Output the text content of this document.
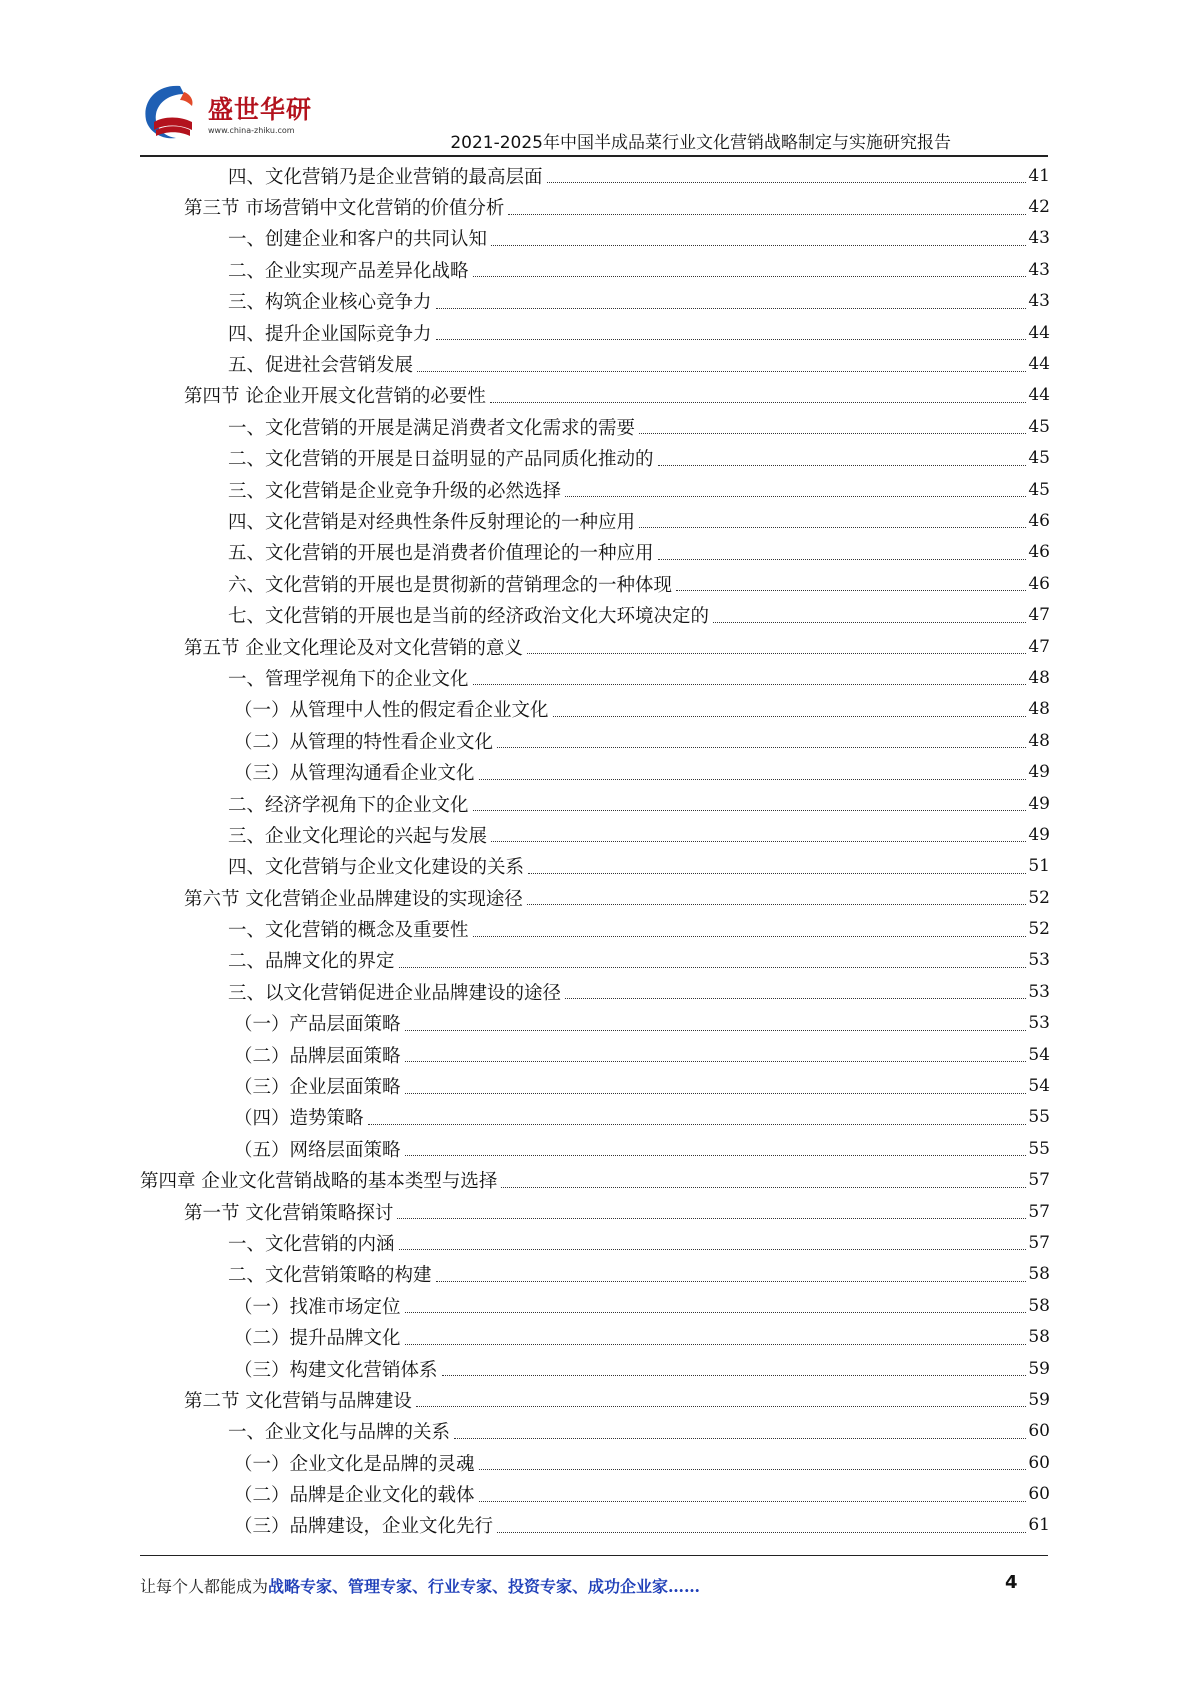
盛世华研
www.china-zhiku.com
2021-2025年中国半成品菜行业文化营销战略制定与实施研究报告
四、文化营销乃是企业营销的最高层面	41
第三节 市场营销中文化营销的价值分析	42
一、创建企业和客户的共同认知	43
二、企业实现产品差异化战略	43
三、构筑企业核心竞争力	43
四、提升企业国际竞争力	44
五、促进社会营销发展	44
第四节 论企业开展文化营销的必要性	44
一、文化营销的开展是满足消费者文化需求的需要	45
二、文化营销的开展是日益明显的产品同质化推动的	45
三、文化营销是企业竞争升级的必然选择	45
四、文化营销是对经典性条件反射理论的一种应用	46
五、文化营销的开展也是消费者价值理论的一种应用	46
六、文化营销的开展也是贯彻新的营销理念的一种体现	46
七、文化营销的开展也是当前的经济政治文化大环境决定的	47
第五节 企业文化理论及对文化营销的意义	47
一、管理学视角下的企业文化	48
（一）从管理中人性的假定看企业文化	48
（二）从管理的特性看企业文化	48
（三）从管理沟通看企业文化	49
二、经济学视角下的企业文化	49
三、企业文化理论的兴起与发展	49
四、文化营销与企业文化建设的关系	51
第六节 文化营销企业品牌建设的实现途径	52
一、文化营销的概念及重要性	52
二、品牌文化的界定	53
三、以文化营销促进企业品牌建设的途径	53
（一）产品层面策略	53
（二）品牌层面策略	54
（三）企业层面策略	54
（四）造势策略	55
（五）网络层面策略	55
第四章 企业文化营销战略的基本类型与选择	57
第一节 文化营销策略探讨	57
一、文化营销的内涵	57
二、文化营销策略的构建	58
（一）找准市场定位	58
（二）提升品牌文化	58
（三）构建文化营销体系	59
第二节 文化营销与品牌建设	59
一、企业文化与品牌的关系	60
（一）企业文化是品牌的灵魂	60
（二）品牌是企业文化的载体	60
（三）品牌建设，企业文化先行	61
让每个人都能成为战略专家、管理专家、行业专家、投资专家、成功企业家……	4
